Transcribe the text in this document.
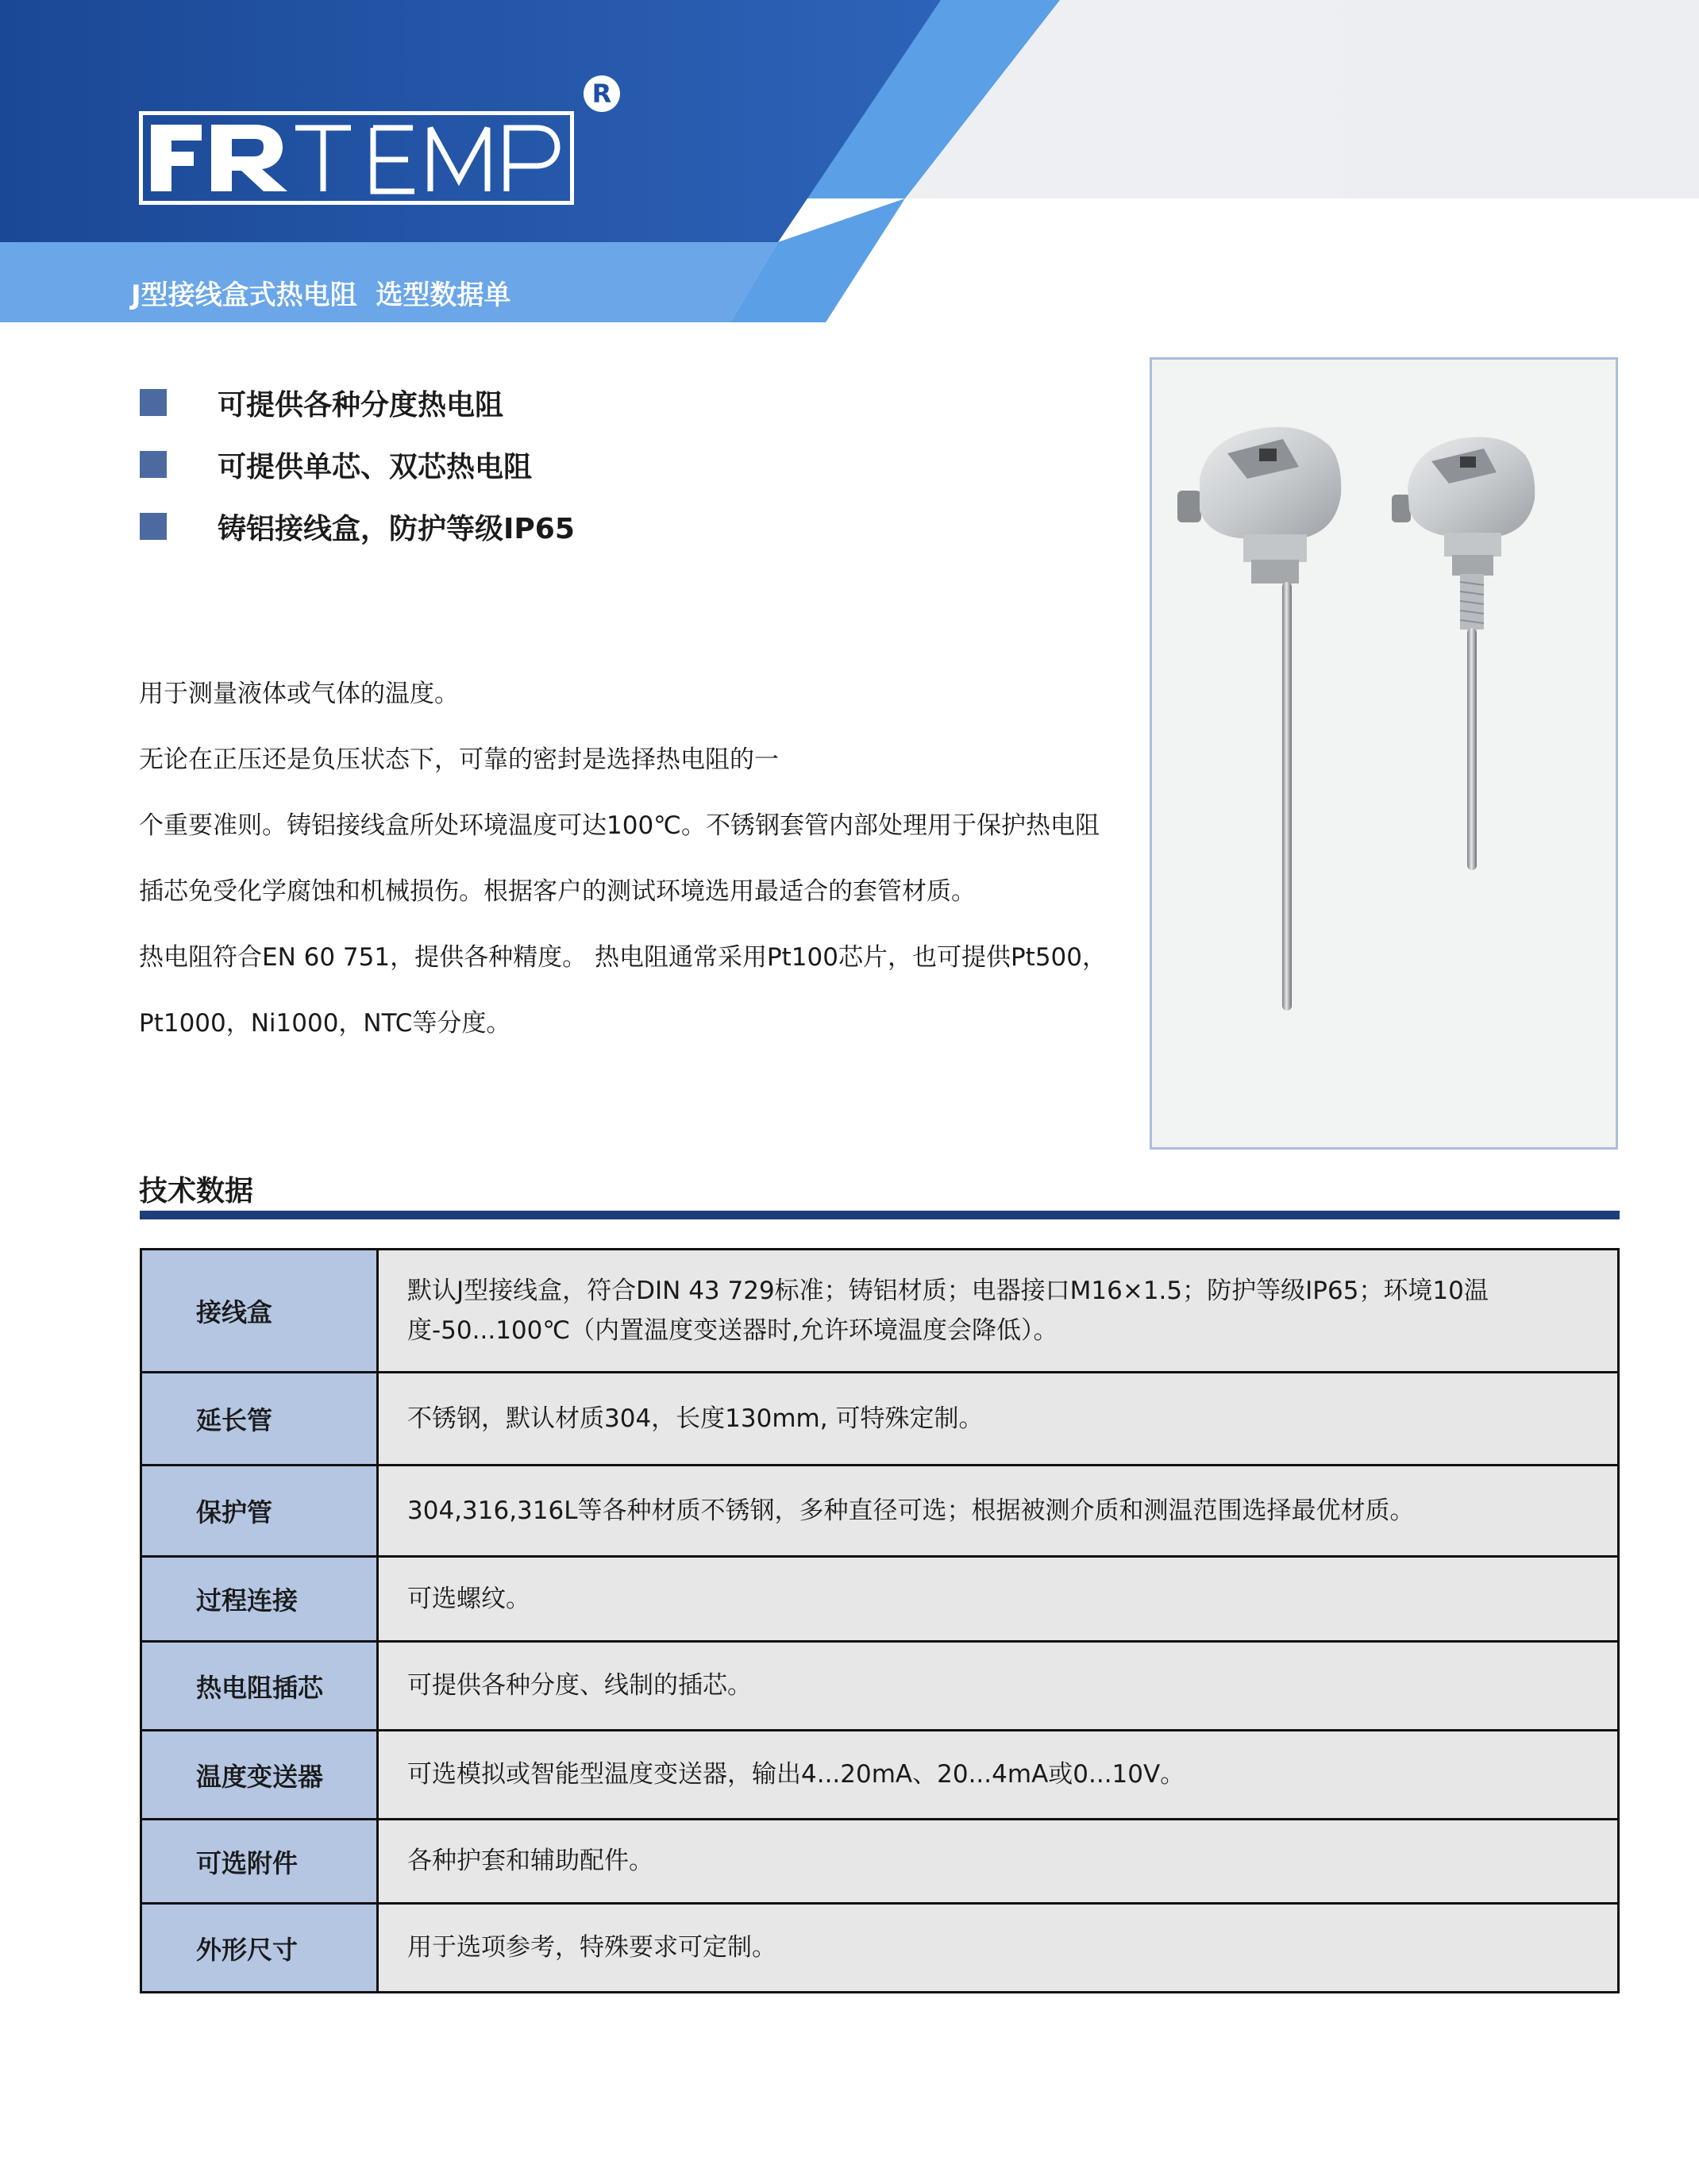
R
J型接线盒式热电阻  选型数据单
可提供各种分度热电阻
可提供单芯、双芯热电阻
铸铝接线盒，防护等级IP65
用于测量液体或气体的温度。
无论在正压还是负压状态下，可靠的密封是选择热电阻的一
个重要准则。铸铝接线盒所处环境温度可达100℃。不锈钢套管内部处理用于保护热电阻
插芯免受化学腐蚀和机械损伤。根据客户的测试环境选用最适合的套管材质。
热电阻符合EN 60 751，提供各种精度。 热电阻通常采用Pt100芯片，也可提供Pt500，
Pt1000，Ni1000，NTC等分度。
技术数据
接线盒	默认J型接线盒，符合DIN 43 729标准；铸铝材质；电器接口M16×1.5；防护等级IP65；环境10温度-50...100℃（内置温度变送器时,允许环境温度会降低）。
延长管	不锈钢，默认材质304，长度130mm, 可特殊定制。
保护管	304,316,316L等各种材质不锈钢，多种直径可选；根据被测介质和测温范围选择最优材质。
过程连接	可选螺纹。
热电阻插芯	可提供各种分度、线制的插芯。
温度变送器	可选模拟或智能型温度变送器，输出4...20mA、20...4mA或0...10V。
可选附件	各种护套和辅助配件。
外形尺寸	用于选项参考，特殊要求可定制。
